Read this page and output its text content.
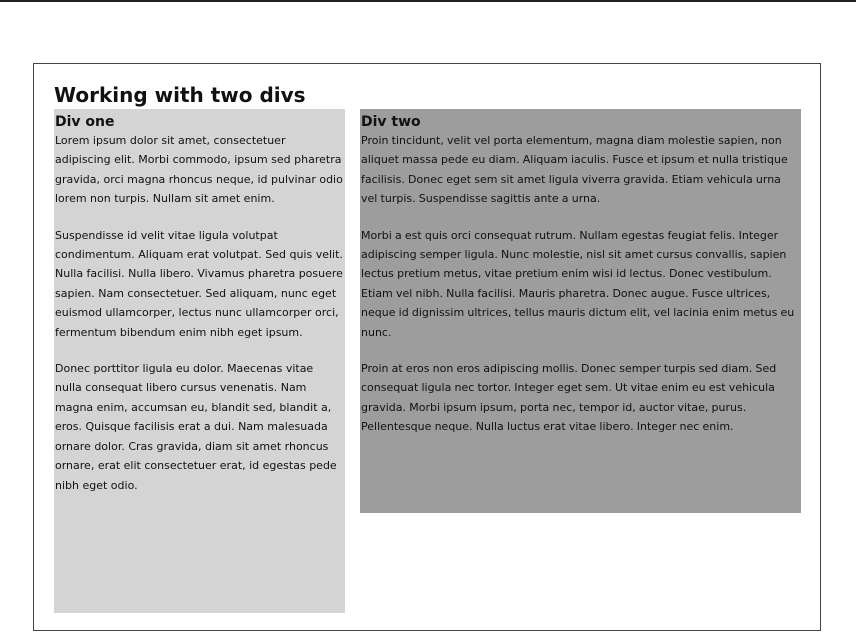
Working with two divs
Div one

Lorem ipsum dolor sit amet, consectetuer adipiscing elit. Morbi commodo, ipsum sed pharetra gravida, orci magna rhoncus neque, id pulvinar odio lorem non turpis. Nullam sit amet enim.

Suspendisse id velit vitae ligula volutpat condimentum. Aliquam erat volutpat. Sed quis velit. Nulla facilisi. Nulla libero. Vivamus pharetra posuere sapien. Nam consectetuer. Sed aliquam, nunc eget euismod ullamcorper, lectus nunc ullamcorper orci, fermentum bibendum enim nibh eget ipsum.

Donec porttitor ligula eu dolor. Maecenas vitae nulla consequat libero cursus venenatis. Nam magna enim, accumsan eu, blandit sed, blandit a, eros. Quisque facilisis erat a dui. Nam malesuada ornare dolor. Cras gravida, diam sit amet rhoncus ornare, erat elit consectetuer erat, id egestas pede nibh eget odio.

Div two

Proin tincidunt, velit vel porta elementum, magna diam molestie sapien, non aliquet massa pede eu diam. Aliquam iaculis. Fusce et ipsum et nulla tristique facilisis. Donec eget sem sit amet ligula viverra gravida. Etiam vehicula urna vel turpis. Suspendisse sagittis ante a urna.

Morbi a est quis orci consequat rutrum. Nullam egestas feugiat felis. Integer adipiscing semper ligula. Nunc molestie, nisl sit amet cursus convallis, sapien lectus pretium metus, vitae pretium enim wisi id lectus. Donec vestibulum. Etiam vel nibh. Nulla facilisi. Mauris pharetra. Donec augue. Fusce ultrices, neque id dignissim ultrices, tellus mauris dictum elit, vel lacinia enim metus eu nunc.

Proin at eros non eros adipiscing mollis. Donec semper turpis sed diam. Sed consequat ligula nec tortor. Integer eget sem. Ut vitae enim eu est vehicula gravida. Morbi ipsum ipsum, porta nec, tempor id, auctor vitae, purus. Pellentesque neque. Nulla luctus erat vitae libero. Integer nec enim.
